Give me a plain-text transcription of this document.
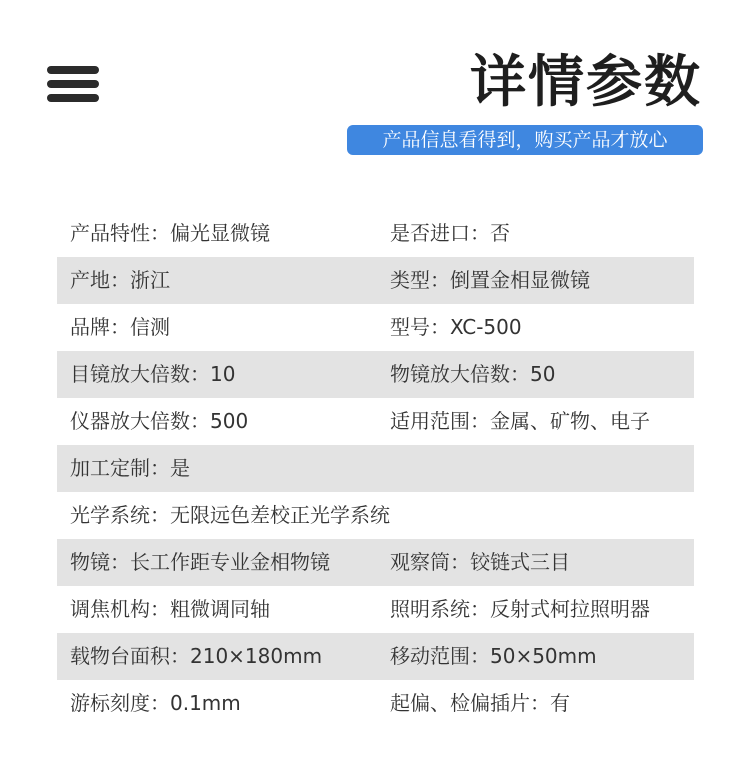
详情参数
产品信息看得到，购买产品才放心
产品特性：偏光显微镜	是否进口：否
产地：浙江	类型：倒置金相显微镜
品牌：信测	型号：XC-500
目镜放大倍数：10	物镜放大倍数：50
仪器放大倍数：500	适用范围：金属、矿物、电子
加工定制：是
光学系统：无限远色差校正光学系统
物镜：长工作距专业金相物镜	观察筒：铰链式三目
调焦机构：粗微调同轴	照明系统：反射式柯拉照明器
载物台面积：210×180mm	移动范围：50×50mm
游标刻度：0.1mm	起偏、检偏插片：有
